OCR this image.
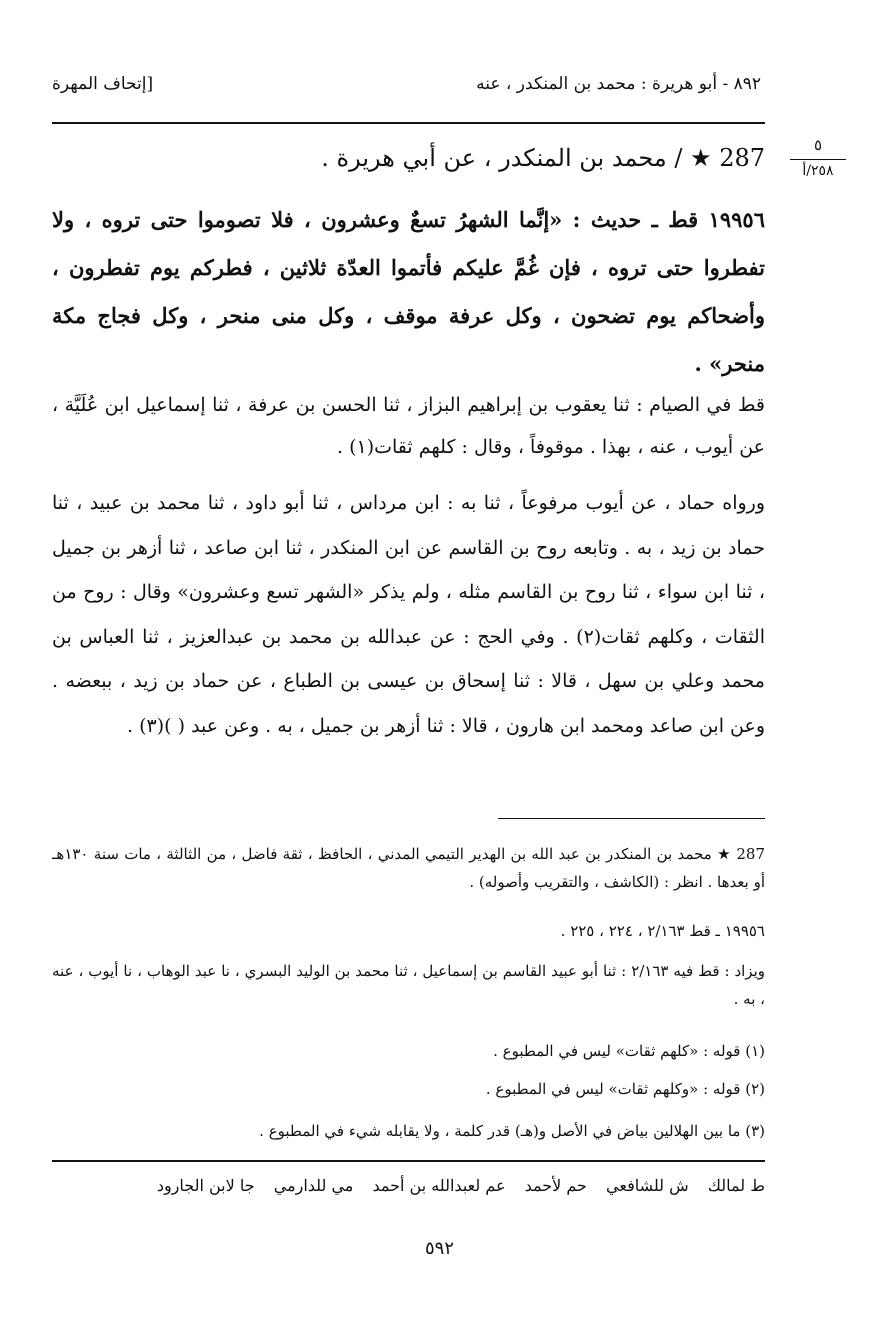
٨٩٢ - أبو هريرة : محمد بن المنكدر ، عنه
[إتحاف المهرة
٥
٢٥٨/أ
287 ★ / محمد بن المنكدر ، عن أبي هريرة .
١٩٩٥٦ قط ـ حديث : «إنَّما الشهرُ تسعٌ وعشرون ، فلا تصوموا حتى تروه ، ولا تفطروا حتى تروه ، فإن غُمَّ عليكم فأتموا العدّة ثلاثين ، فطركم يوم تفطرون ، وأضحاكم يوم تضحون ، وكل عرفة موقف ، وكل منى منحر ، وكل فجاج مكة منحر» .
قط في الصيام : ثنا يعقوب بن إبراهيم البزاز ، ثنا الحسن بن عرفة ، ثنا إسماعيل ابن عُلَيَّة ، عن أيوب ، عنه ، بهذا . موقوفاً ، وقال : كلهم ثقات(١) .
ورواه حماد ، عن أيوب مرفوعاً ، ثنا به : ابن مرداس ، ثنا أبو داود ، ثنا محمد بن عبيد ، ثنا حماد بن زيد ، به . وتابعه روح بن القاسم عن ابن المنكدر ، ثنا ابن صاعد ، ثنا أزهر بن جميل ، ثنا ابن سواء ، ثنا روح بن القاسم مثله ، ولم يذكر «الشهر تسع وعشرون» وقال : روح من الثقات ، وكلهم ثقات(٢) . وفي الحج : عن عبدالله بن محمد بن عبدالعزيز ، ثنا العباس بن محمد وعلي بن سهل ، قالا : ثنا إسحاق بن عيسى بن الطباع ، عن حماد بن زيد ، ببعضه . وعن ابن صاعد ومحمد ابن هارون ، قالا : ثنا أزهر بن جميل ، به . وعن عبد ( )(٣) .
287 ★ محمد بن المنكدر بن عبد الله بن الهدير التيمي المدني ، الحافظ ، ثقة فاضل ، من الثالثة ، مات سنة ١٣٠هـ أو بعدها . انظر : (الكاشف ، والتقريب وأصوله) .
١٩٩٥٦ ـ قط ٢/١٦٣ ، ٢٢٤ ، ٢٢٥ .
ويزاد : قط فيه ٢/١٦٣ : ثنا أبو عبيد القاسم بن إسماعيل ، ثنا محمد بن الوليد البسري ، نا عبد الوهاب ، نا أيوب ، عنه ، به .
(١) قوله : «كلهم ثقات» ليس في المطبوع .
(٢) قوله : «وكلهم ثقات» ليس في المطبوع .
(٣) ما بين الهلالين بياض في الأصل و(هـ) قدر كلمة ، ولا يقابله شيء في المطبوع .
ط لمالك ش للشافعي حم لأحمد عم لعبدالله بن أحمد مي للدارمي جا لابن الجارود
٥٩٢
